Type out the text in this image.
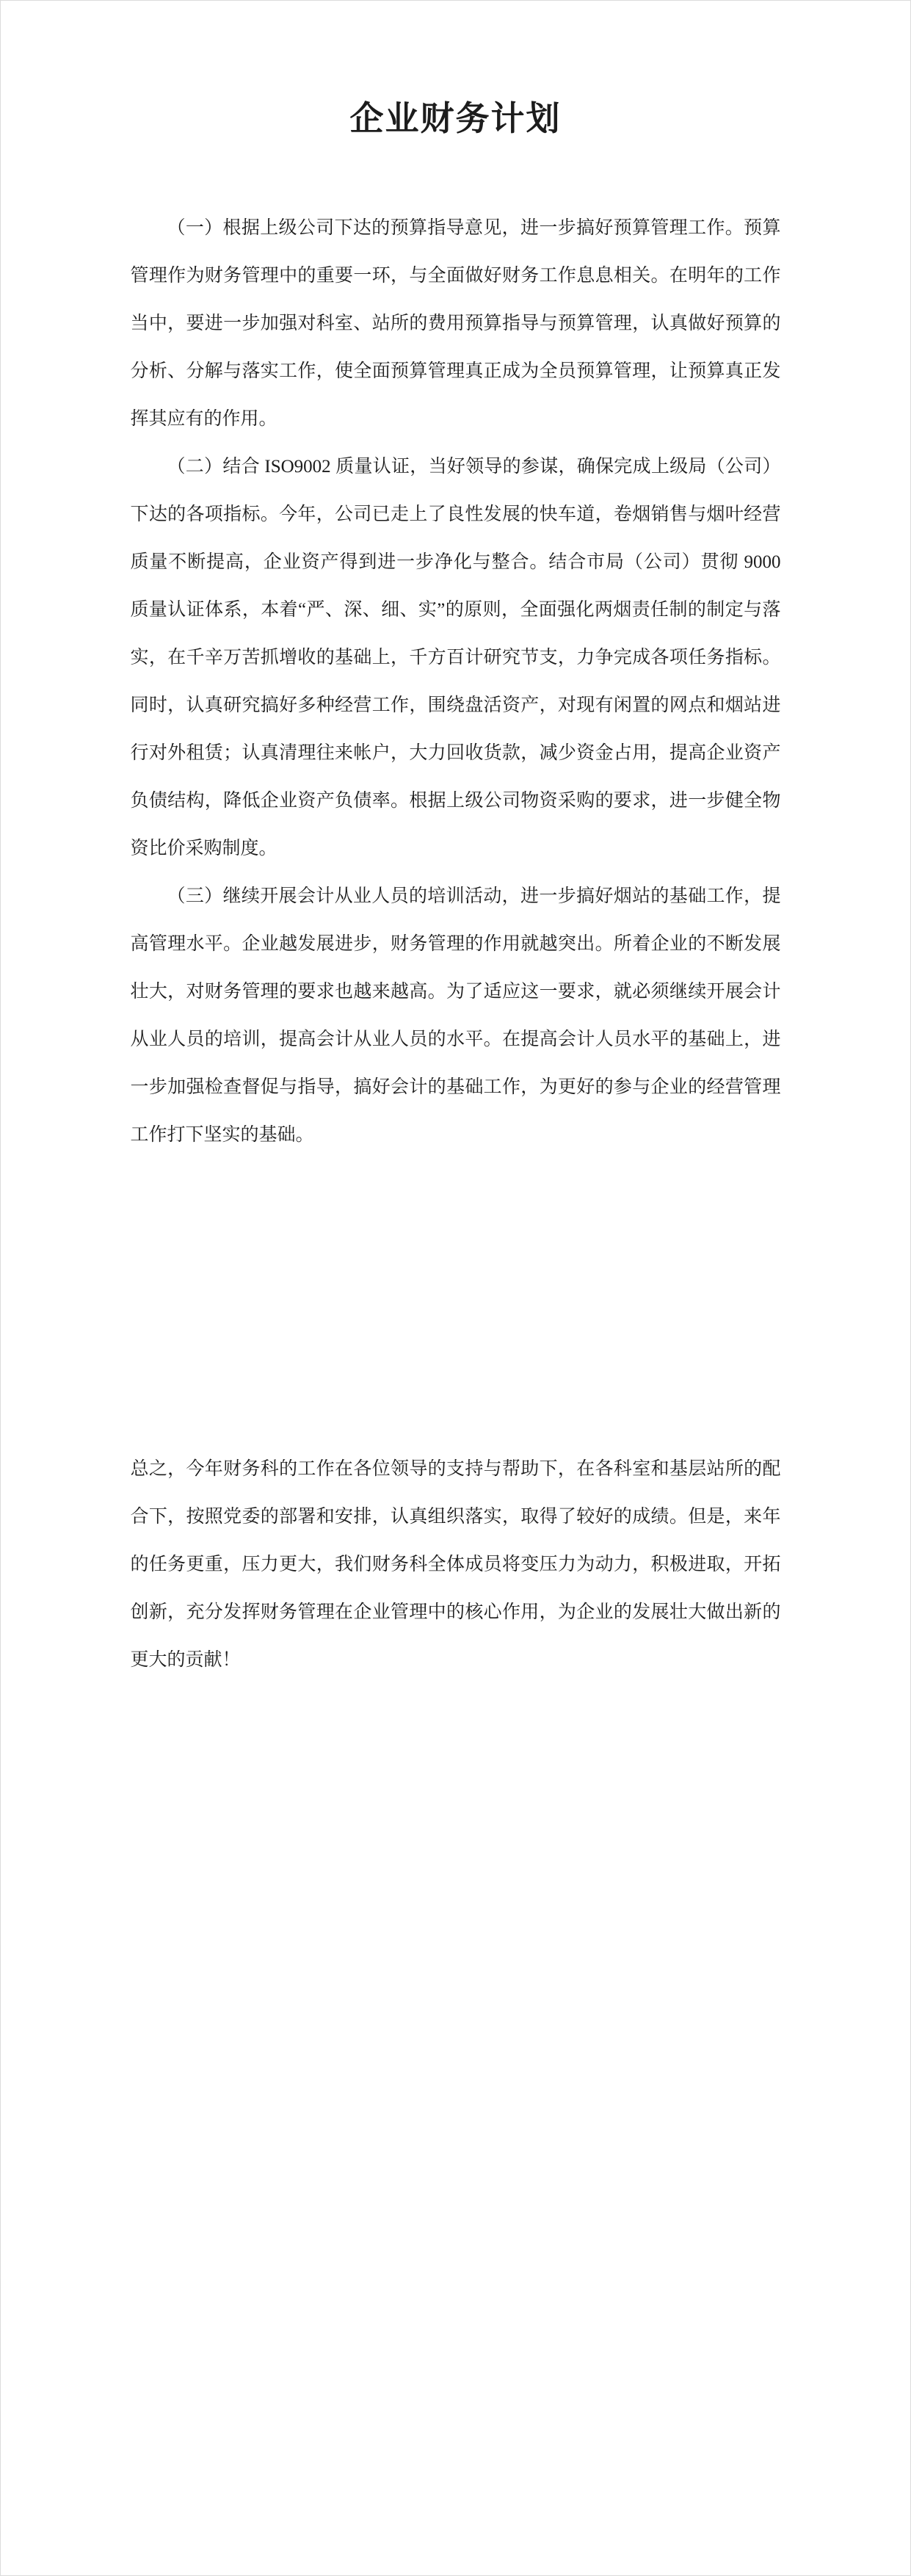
企业财务计划

（一）根据上级公司下达的预算指导意见，进一步搞好预算管理工作。预算管理作为财务管理中的重要一环，与全面做好财务工作息息相关。在明年的工作当中，要进一步加强对科室、站所的费用预算指导与预算管理，认真做好预算的分析、分解与落实工作，使全面预算管理真正成为全员预算管理，让预算真正发挥其应有的作用。

（二）结合 ISO9002 质量认证，当好领导的参谋，确保完成上级局（公司）下达的各项指标。今年，公司已走上了良性发展的快车道，卷烟销售与烟叶经营质量不断提高，企业资产得到进一步净化与整合。结合市局（公司）贯彻 9000 质量认证体系，本着“严、深、细、实”的原则，全面强化两烟责任制的制定与落实，在千辛万苦抓增收的基础上，千方百计研究节支，力争完成各项任务指标。同时，认真研究搞好多种经营工作，围绕盘活资产，对现有闲置的网点和烟站进行对外租赁；认真清理往来帐户，大力回收货款，减少资金占用，提高企业资产负债结构，降低企业资产负债率。根据上级公司物资采购的要求，进一步健全物资比价采购制度。

（三）继续开展会计从业人员的培训活动，进一步搞好烟站的基础工作，提高管理水平。企业越发展进步，财务管理的作用就越突出。所着企业的不断发展壮大，对财务管理的要求也越来越高。为了适应这一要求，就必须继续开展会计从业人员的培训，提高会计从业人员的水平。在提高会计人员水平的基础上，进一步加强检查督促与指导，搞好会计的基础工作，为更好的参与企业的经营管理工作打下坚实的基础。

总之，今年财务科的工作在各位领导的支持与帮助下，在各科室和基层站所的配合下，按照党委的部署和安排，认真组织落实，取得了较好的成绩。但是，来年的任务更重，压力更大，我们财务科全体成员将变压力为动力，积极进取，开拓创新，充分发挥财务管理在企业管理中的核心作用，为企业的发展壮大做出新的更大的贡献！
